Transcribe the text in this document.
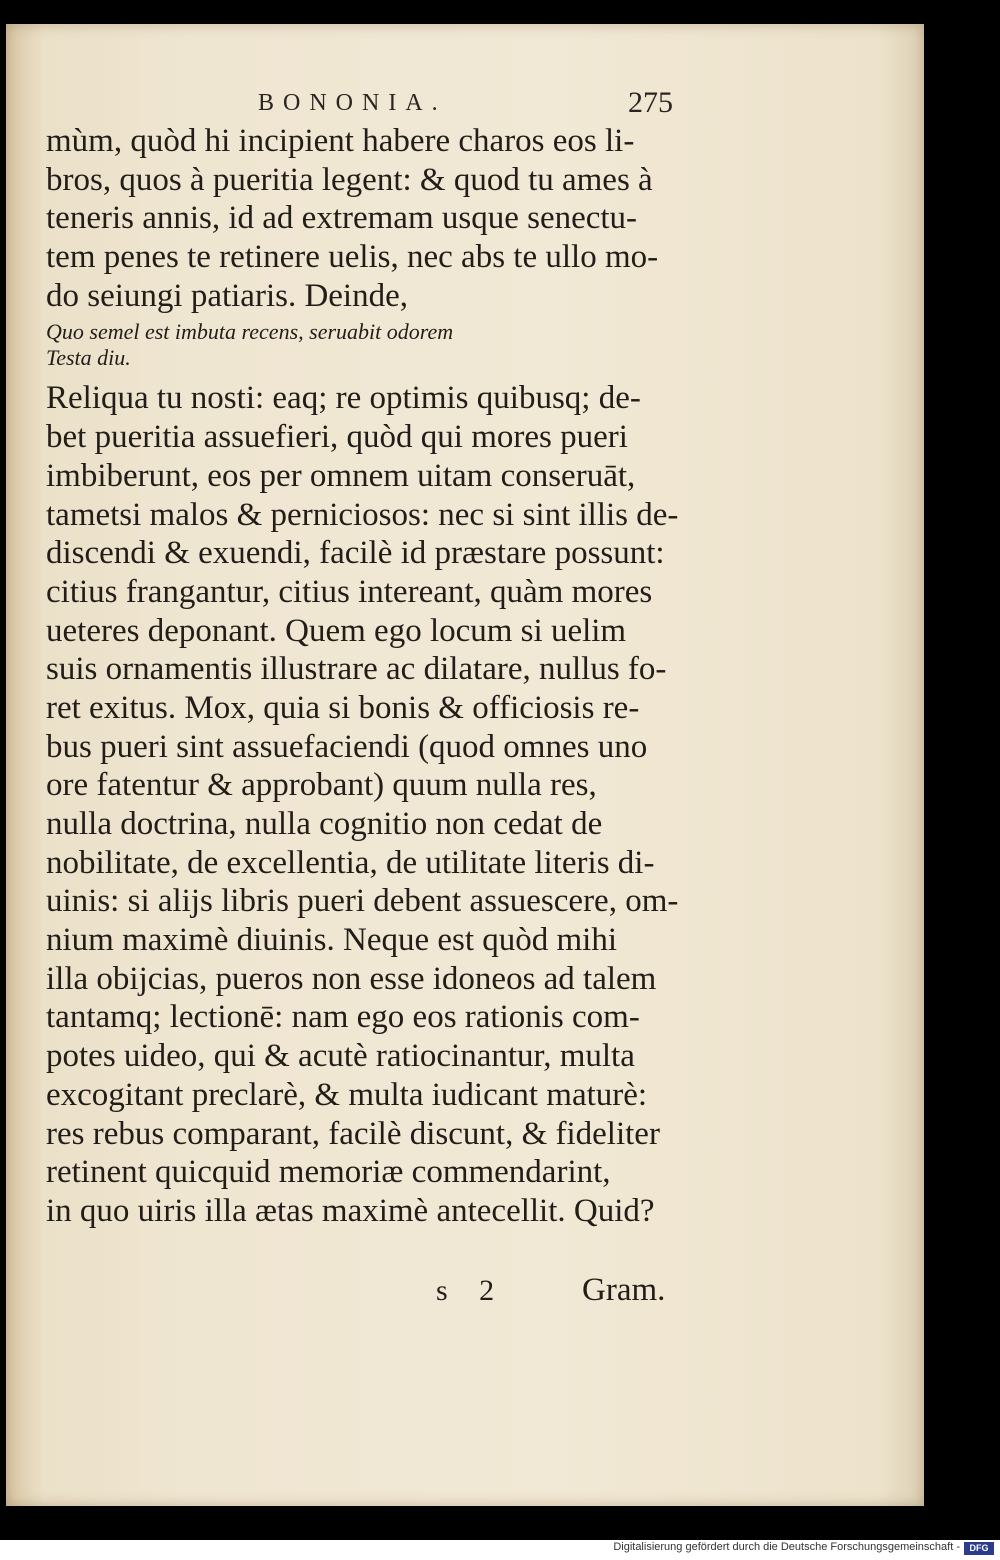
BONONIA.	275
mùm, quòd hi incipient habere charos eos li-
bros, quos à pueritia legent: & quod tu ames à
teneris annis, id ad extremam usque senectu-
tem penes te retinere uelis, nec abs te ullo mo-
do seiungi patiaris. Deinde,
Quo semel est imbuta recens, seruabit odorem
Testa diu.
Reliqua tu nosti: eaq; re optimis quibusq; de-
bet pueritia assuefieri, quòd qui mores pueri
imbiberunt, eos per omnem uitam conseruāt,
tametsi malos & perniciosos: nec si sint illis de-
discendi & exuendi, facilè id præstare possunt:
citius frangantur, citius intereant, quàm mores
ueteres deponant. Quem ego locum si uelim
suis ornamentis illustrare ac dilatare, nullus fo-
ret exitus. Mox, quia si bonis & officiosis re-
bus pueri sint assuefaciendi (quod omnes uno
ore fatentur & approbant) quum nulla res,
nulla doctrina, nulla cognitio non cedat de
nobilitate, de excellentia, de utilitate literis di-
uinis: si alijs libris pueri debent assuescere, om-
nium maximè diuinis. Neque est quòd mihi
illa obijcias, pueros non esse idoneos ad talem
tantamq; lectionē: nam ego eos rationis com-
potes uideo, qui & acutè ratiocinantur, multa
excogitant preclarè, & multa iudicant maturè:
res rebus comparant, facilè discunt, & fideliter
retinent quicquid memoriæ commendarint,
in quo uiris illa ætas maximè antecellit. Quid?
s 2 Gram.
Digitalisierung gefördert durch die Deutsche Forschungsgemeinschaft -	DFG
